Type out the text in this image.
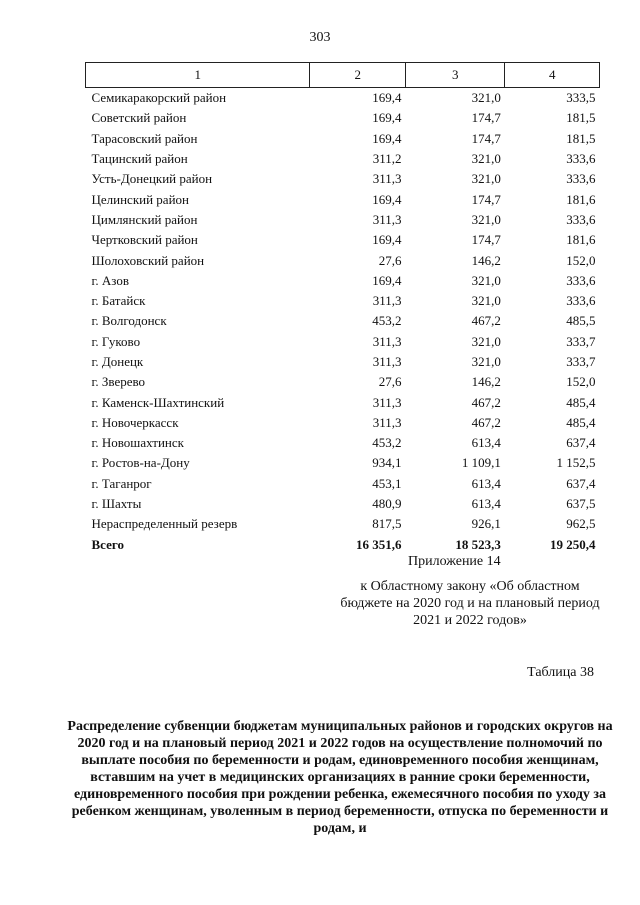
303
1	2	3	4
Семикаракорский район	169,4	321,0	333,5
Советский район	169,4	174,7	181,5
Тарасовский район	169,4	174,7	181,5
Тацинский район	311,2	321,0	333,6
Усть-Донецкий район	311,3	321,0	333,6
Целинский район	169,4	174,7	181,6
Цимлянский район	311,3	321,0	333,6
Чертковский район	169,4	174,7	181,6
Шолоховский район	27,6	146,2	152,0
г. Азов	169,4	321,0	333,6
г. Батайск	311,3	321,0	333,6
г. Волгодонск	453,2	467,2	485,5
г. Гуково	311,3	321,0	333,7
г. Донецк	311,3	321,0	333,7
г. Зверево	27,6	146,2	152,0
г. Каменск-Шахтинский	311,3	467,2	485,4
г. Новочеркасск	311,3	467,2	485,4
г. Новошахтинск	453,2	613,4	637,4
г. Ростов-на-Дону	934,1	1 109,1	1 152,5
г. Таганрог	453,1	613,4	637,4
г. Шахты	480,9	613,4	637,5
Нераспределенный резерв	817,5	926,1	962,5
Всего	16 351,6	18 523,3	19 250,4
Приложение 14
к Областному закону «Об областном бюджете на 2020 год и на плановый период 2021 и 2022 годов»
Таблица 38
Распределение субвенции бюджетам муниципальных районов и городских округов на 2020 год и на плановый период 2021 и 2022 годов на осуществление полномочий по выплате пособия по беременности и родам, единовременного пособия женщинам, вставшим на учет в медицинских организациях в ранние сроки беременности, единовременного пособия при рождении ребенка, ежемесячного пособия по уходу за ребенком женщинам, уволенным в период беременности, отпуска по беременности и родам, и
